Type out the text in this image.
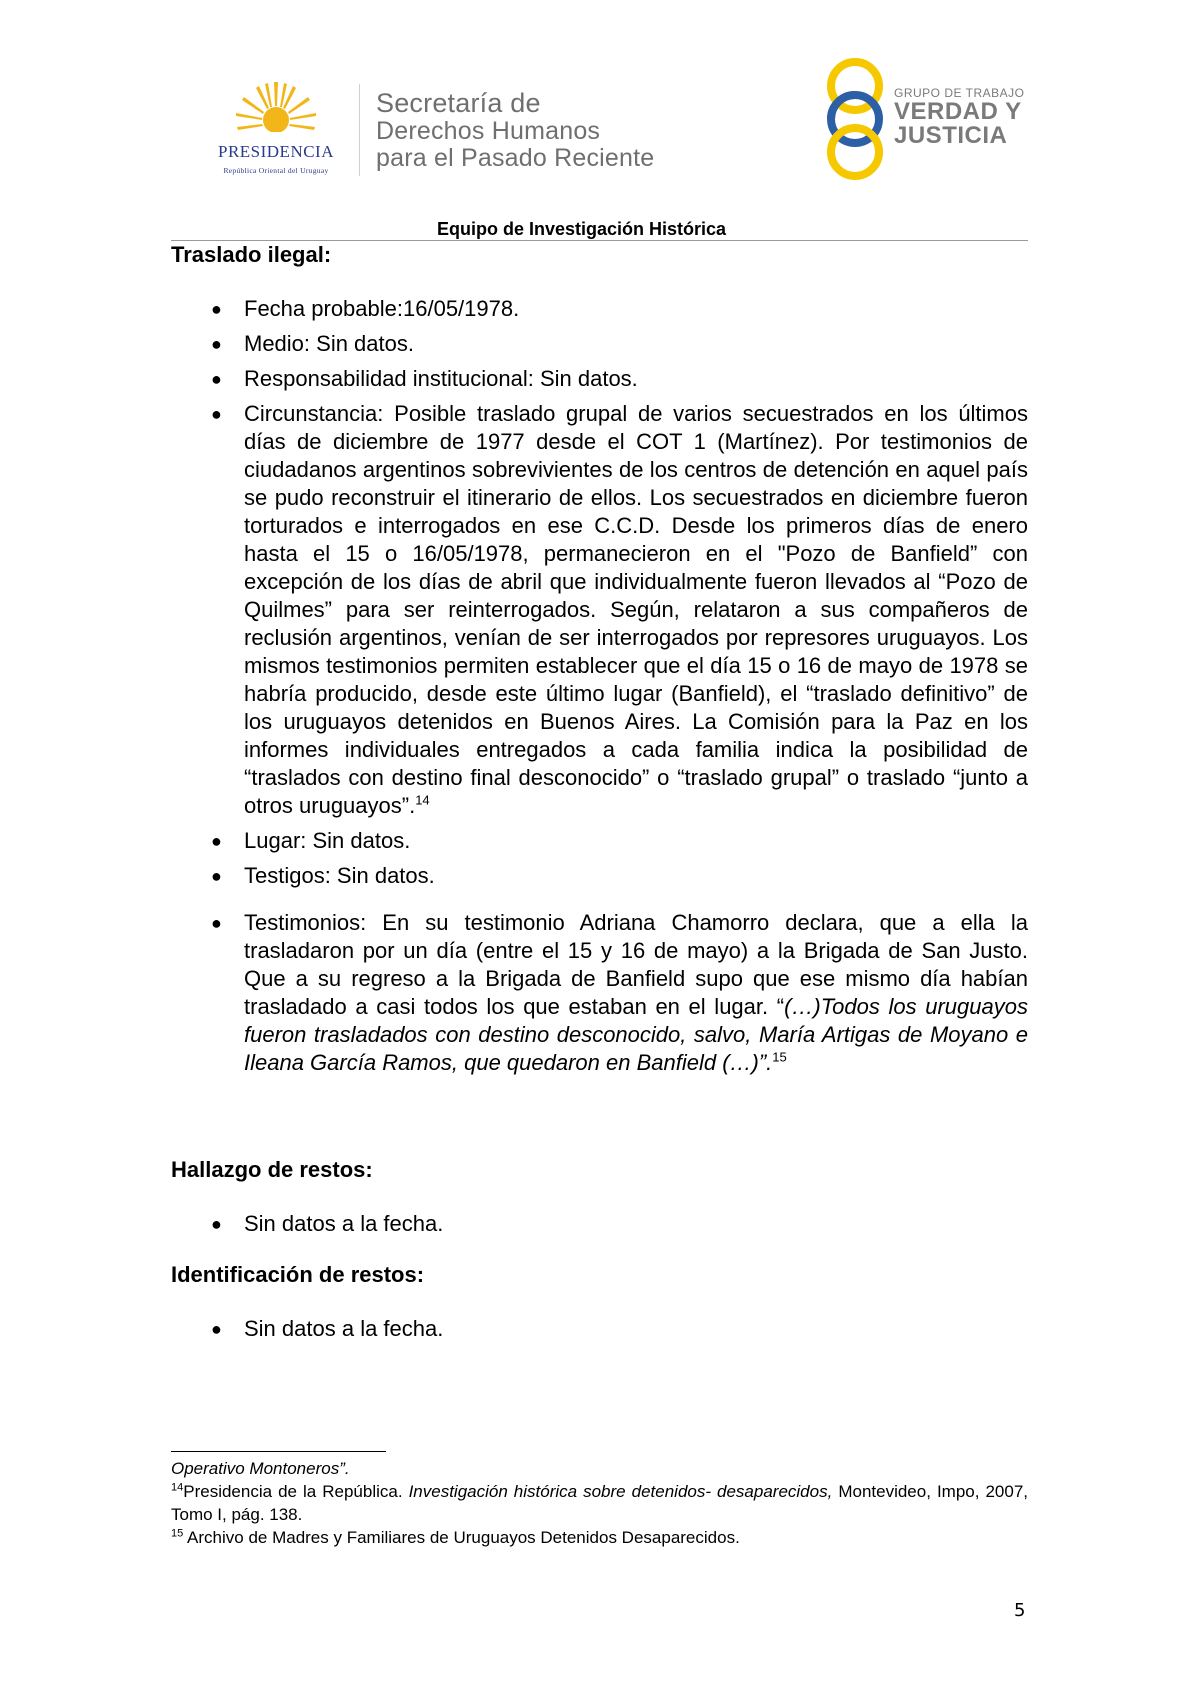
PRESIDENCIA
República Oriental del Uruguay
Secretaría de
Derechos Humanos
para el Pasado Reciente
GRUPO DE TRABAJO
VERDAD Y
JUSTICIA
Equipo de Investigación Histórica
Traslado ilegal:
● Fecha probable:16/05/1978.
● Medio: Sin datos.
● Responsabilidad institucional: Sin datos.
● Circunstancia: Posible traslado grupal de varios secuestrados en los últimos días de diciembre de 1977 desde el COT 1 (Martínez). Por testimonios de ciudadanos argentinos sobrevivientes de los centros de detención en aquel país se pudo reconstruir el itinerario de ellos. Los secuestrados en diciembre fueron torturados e interrogados en ese C.C.D. Desde los primeros días de enero hasta el 15 o 16/05/1978, permanecieron en el "Pozo de Banfield” con excepción de los días de abril que individualmente fueron llevados al “Pozo de Quilmes” para ser reinterrogados. Según, relataron a sus compañeros de reclusión argentinos, venían de ser interrogados por represores uruguayos. Los mismos testimonios permiten establecer que el día 15 o 16 de mayo de 1978 se habría producido, desde este último lugar (Banfield), el “traslado definitivo” de los uruguayos detenidos en Buenos Aires. La Comisión para la Paz en los informes individuales entregados a cada familia indica la posibilidad de “traslados con destino final desconocido” o “traslado grupal” o traslado “junto a otros uruguayos”.$^{14}$
● Lugar: Sin datos.
● Testigos: Sin datos.
● Testimonios: En su testimonio Adriana Chamorro declara, que a ella la trasladaron por un día (entre el 15 y 16 de mayo) a la Brigada de San Justo. Que a su regreso a la Brigada de Banfield supo que ese mismo día habían trasladado a casi todos los que estaban en el lugar. “(…)Todos los uruguayos fueron trasladados con destino desconocido, salvo, María Artigas de Moyano e Ileana García Ramos, que quedaron en Banfield (…)”.$^{15}$
Hallazgo de restos:
● Sin datos a la fecha.
Identificación de restos:
● Sin datos a la fecha.
Operativo Montoneros”.
$^{14}$Presidencia de la República. Investigación histórica sobre detenidos- desaparecidos, Montevideo, Impo, 2007, Tomo I, pág. 138.
$^{15}$ Archivo de Madres y Familiares de Uruguayos Detenidos Desaparecidos.
5
